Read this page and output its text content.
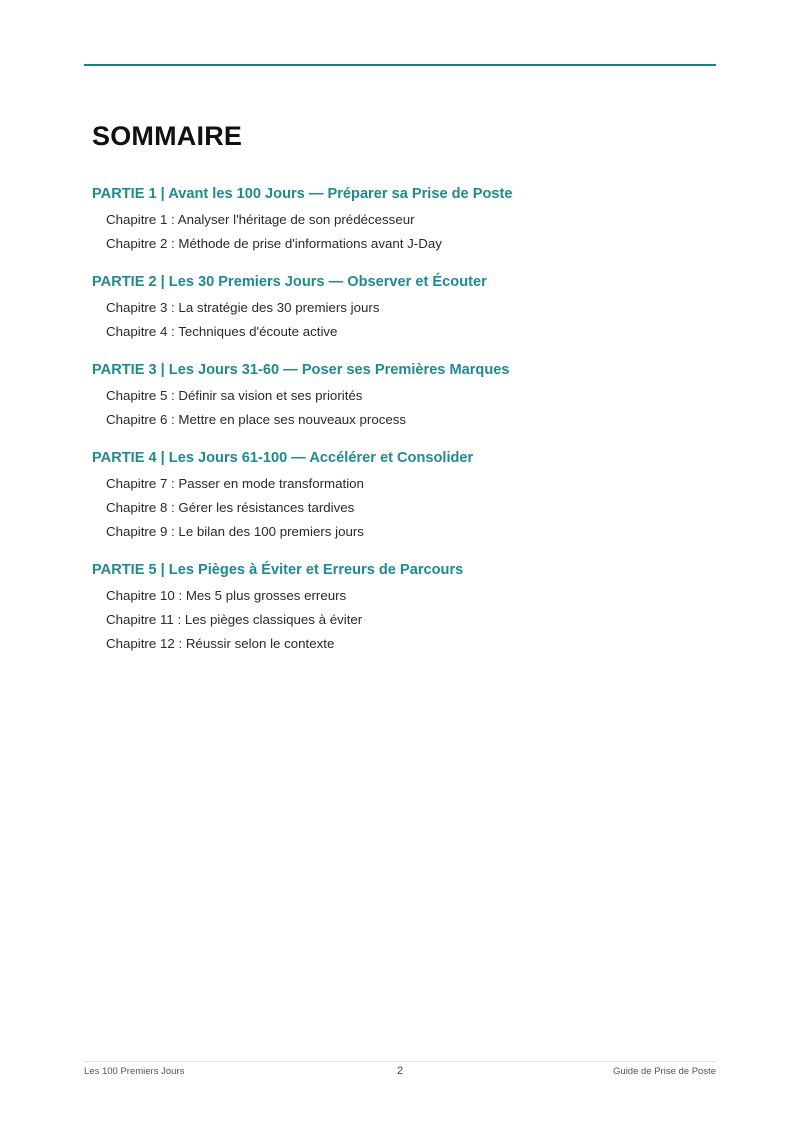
SOMMAIRE
PARTIE 1 | Avant les 100 Jours — Préparer sa Prise de Poste
Chapitre 1 : Analyser l'héritage de son prédécesseur
Chapitre 2 : Méthode de prise d'informations avant J-Day
PARTIE 2 | Les 30 Premiers Jours — Observer et Écouter
Chapitre 3 : La stratégie des 30 premiers jours
Chapitre 4 : Techniques d'écoute active
PARTIE 3 | Les Jours 31-60 — Poser ses Premières Marques
Chapitre 5 : Définir sa vision et ses priorités
Chapitre 6 : Mettre en place ses nouveaux process
PARTIE 4 | Les Jours 61-100 — Accélérer et Consolider
Chapitre 7 : Passer en mode transformation
Chapitre 8 : Gérer les résistances tardives
Chapitre 9 : Le bilan des 100 premiers jours
PARTIE 5 | Les Pièges à Éviter et Erreurs de Parcours
Chapitre 10 : Mes 5 plus grosses erreurs
Chapitre 11 : Les pièges classiques à éviter
Chapitre 12 : Réussir selon le contexte
Les 100 Premiers Jours	2	Guide de Prise de Poste
